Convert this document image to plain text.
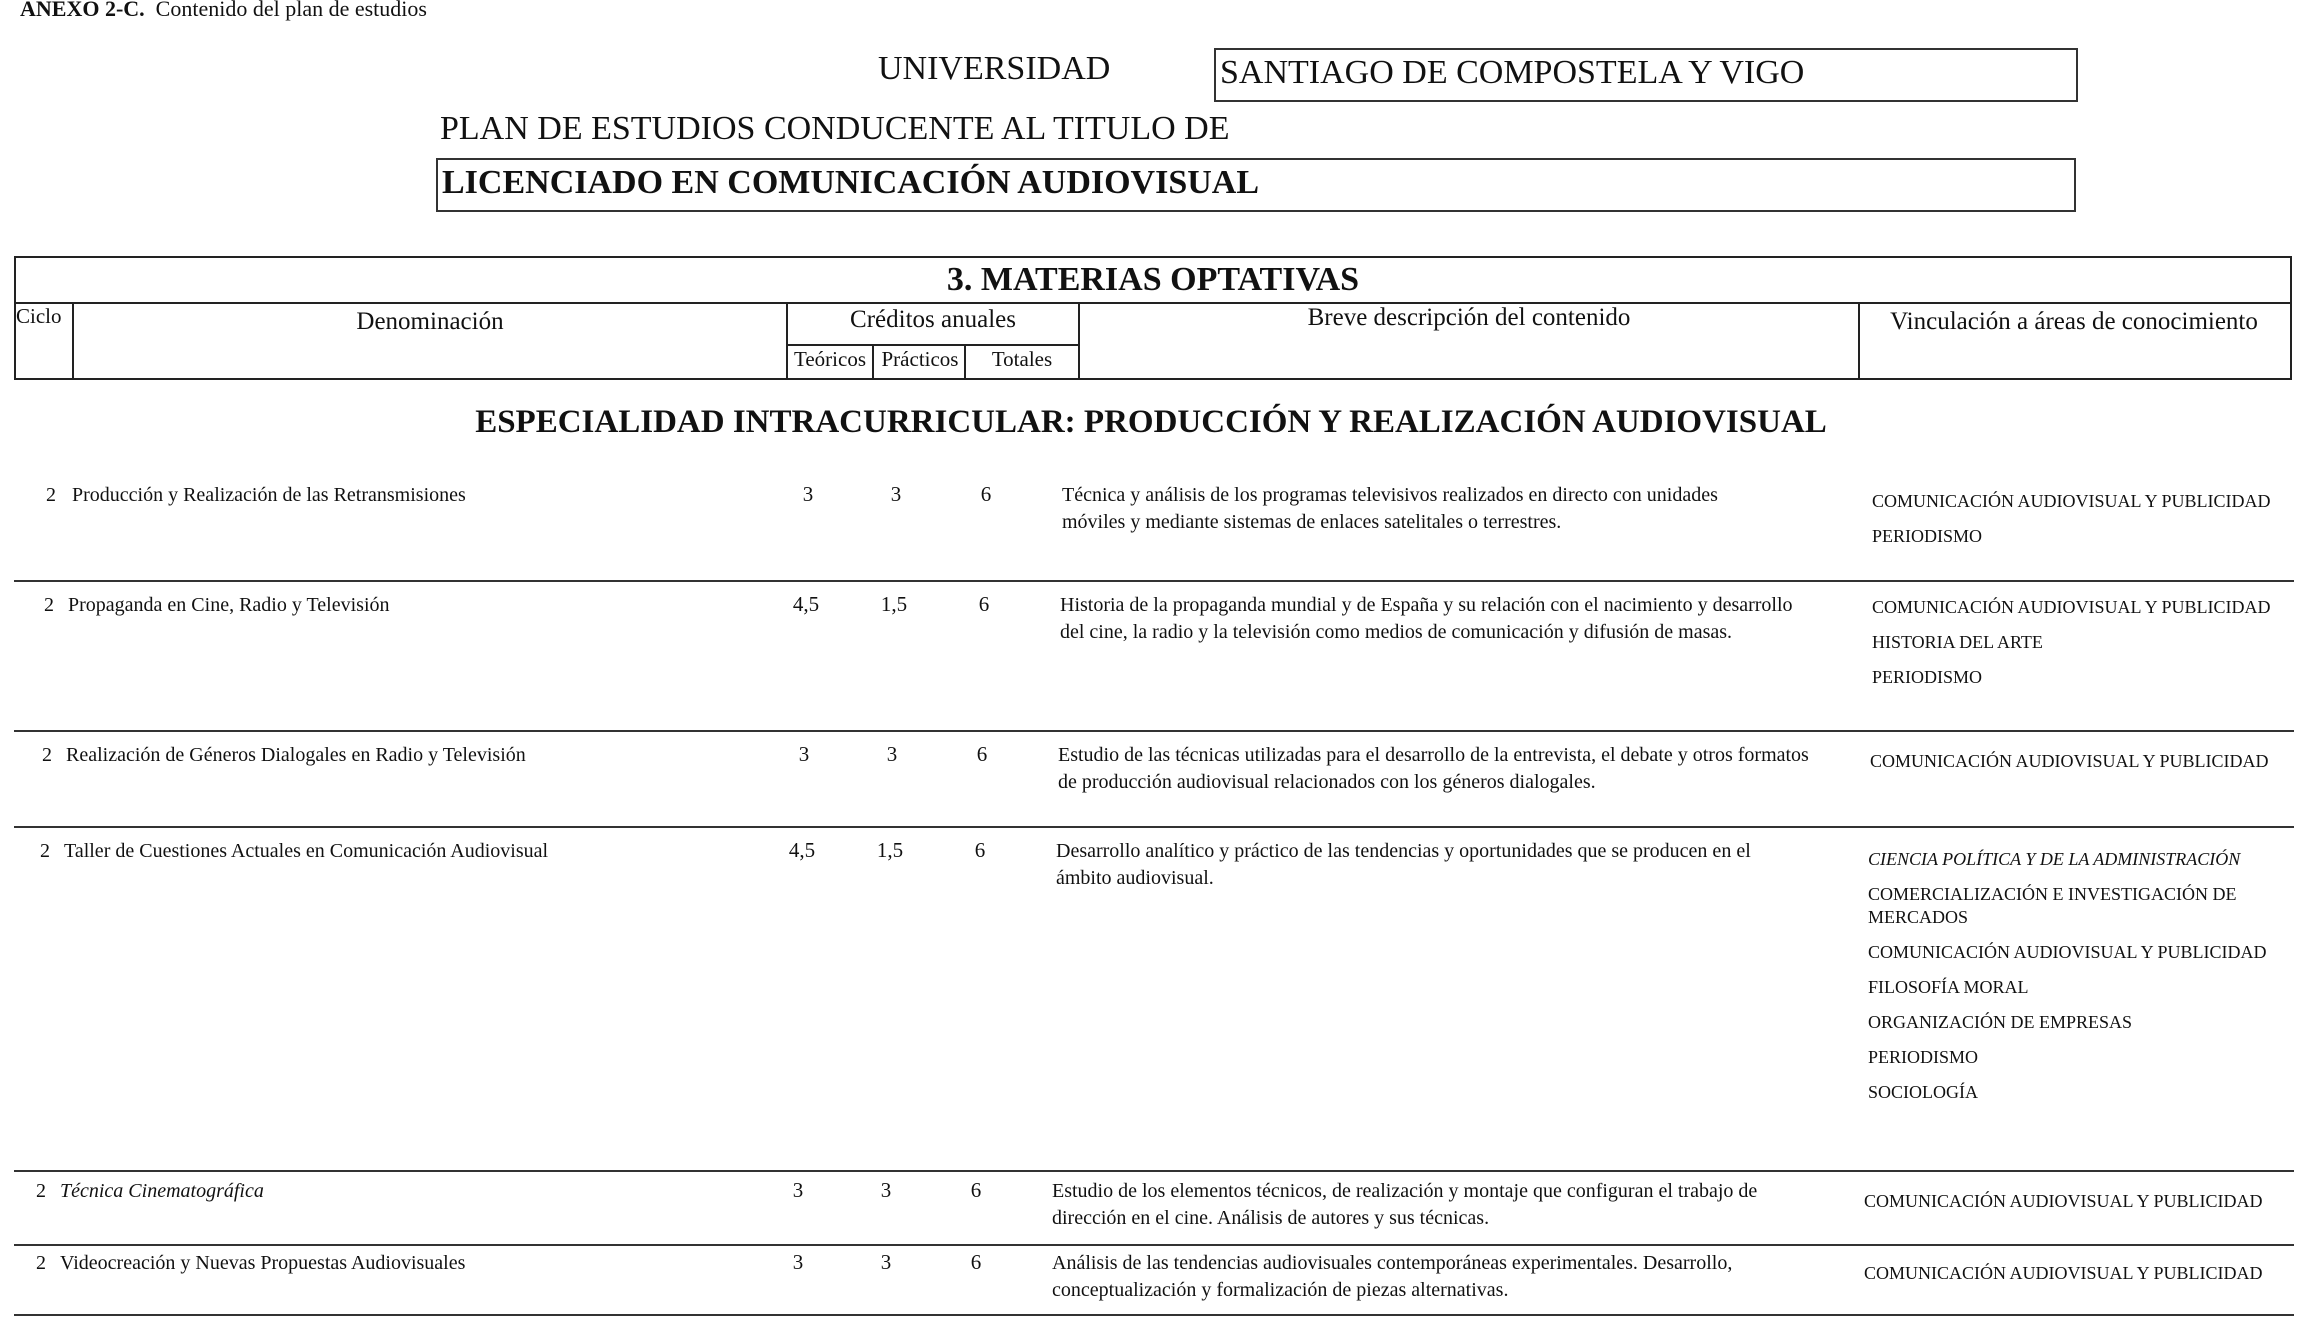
ANEXO 2-C. Contenido del plan de estudios
UNIVERSIDAD	SANTIAGO DE COMPOSTELA Y VIGO
PLAN DE ESTUDIOS CONDUCENTE AL TITULO DE
LICENCIADO EN COMUNICACIÓN AUDIOVISUAL
3. MATERIAS OPTATIVAS
Ciclo	Denominación	Créditos anuales
Teóricos Prácticos	Totales
Breve descripción del contenido	Vinculación a áreas de conocimiento
ESPECIALIDAD INTRACURRICULAR: PRODUCCIÓN Y REALIZACIÓN AUDIOVISUAL
2 Producción y Realización de las Retransmisiones	3	3	6	Técnica y análisis de los programas televisivos realizados en directo con unidades móviles y mediante sistemas de enlaces satelitales o terrestres.
COMUNICACIÓN AUDIOVISUAL Y PUBLICIDAD
PERIODISMO
2 Propaganda en Cine, Radio y Televisión	4,5	1,5	6	Historia de la propaganda mundial y de España y su relación con el nacimiento y desarrollo del cine, la radio y la televisión como medios de comunicación y difusión de masas.
COMUNICACIÓN AUDIOVISUAL Y PUBLICIDAD
HISTORIA DEL ARTE
PERIODISMO
2 Realización de Géneros Dialogales en Radio y Televisión	3	3	6	Estudio de las técnicas utilizadas para el desarrollo de la entrevista, el debate y otros formatos de producción audiovisual relacionados con los géneros dialogales.
COMUNICACIÓN AUDIOVISUAL Y PUBLICIDAD
2 Taller de Cuestiones Actuales en Comunicación Audiovisual	4,5	1,5	6	Desarrollo analítico y práctico de las tendencias y oportunidades que se producen en el ámbito audiovisual.
CIENCIA POLÍTICA Y DE LA ADMINISTRACIÓN
COMERCIALIZACIÓN E INVESTIGACIÓN DE MERCADOS
COMUNICACIÓN AUDIOVISUAL Y PUBLICIDAD
FILOSOFÍA MORAL
ORGANIZACIÓN DE EMPRESAS
PERIODISMO
SOCIOLOGÍA
2 Técnica Cinematográfica	3	3	6	Estudio de los elementos técnicos, de realización y montaje que configuran el trabajo de dirección en el cine. Análisis de autores y sus técnicas.
COMUNICACIÓN AUDIOVISUAL Y PUBLICIDAD
2 Videocreación y Nuevas Propuestas Audiovisuales	3	3	6	Análisis de las tendencias audiovisuales contemporáneas experimentales. Desarrollo, conceptualización y formalización de piezas alternativas.
COMUNICACIÓN AUDIOVISUAL Y PUBLICIDAD
